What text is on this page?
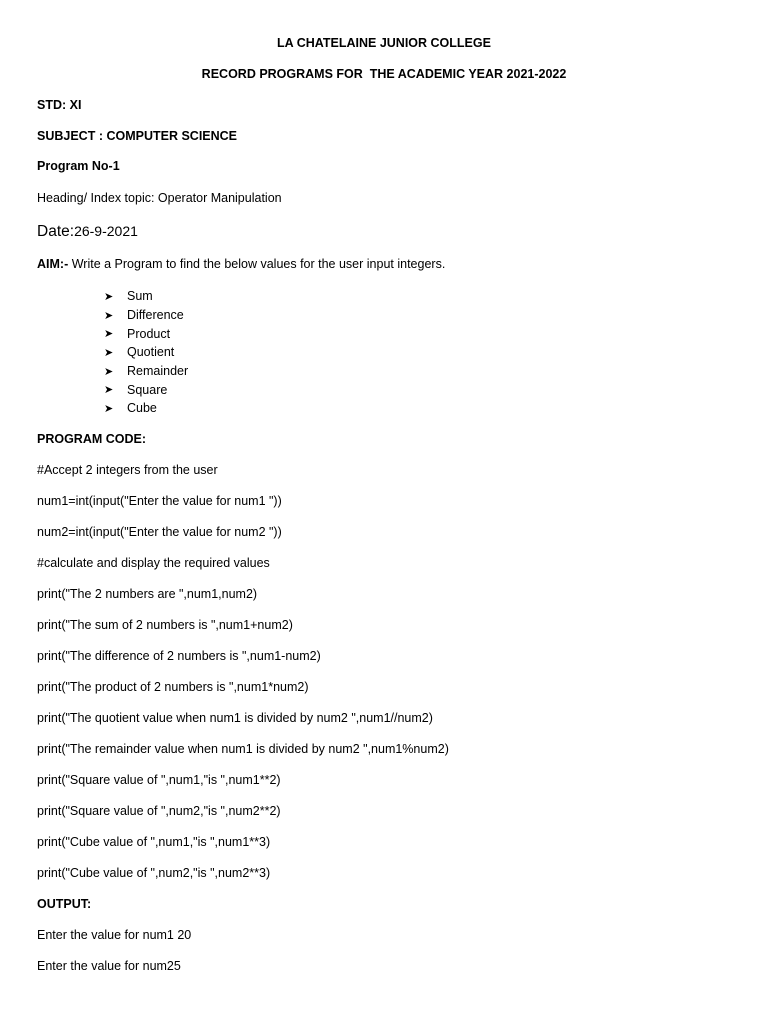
LA CHATELAINE JUNIOR COLLEGE
RECORD PROGRAMS FOR  THE ACADEMIC YEAR 2021-2022
STD: XI
SUBJECT : COMPUTER SCIENCE
Program No-1
Heading/ Index topic: Operator Manipulation
Date:26-9-2021
AIM:- Write a Program to find the below values for the user input integers.
➤	Sum
➤	Difference
➤	Product
➤	Quotient
➤	Remainder
➤	Square
➤	Cube
PROGRAM CODE:
#Accept 2 integers from the user
num1=int(input("Enter the value for num1 "))
num2=int(input("Enter the value for num2 "))
#calculate and display the required values
print("The 2 numbers are ",num1,num2)
print("The sum of 2 numbers is ",num1+num2)
print("The difference of 2 numbers is ",num1-num2)
print("The product of 2 numbers is ",num1*num2)
print("The quotient value when num1 is divided by num2 ",num1//num2)
print("The remainder value when num1 is divided by num2 ",num1%num2)
print("Square value of ",num1,"is ",num1**2)
print("Square value of ",num2,"is ",num2**2)
print("Cube value of ",num1,"is ",num1**3)
print("Cube value of ",num2,"is ",num2**3)
OUTPUT:
Enter the value for num1 20
Enter the value for num25
